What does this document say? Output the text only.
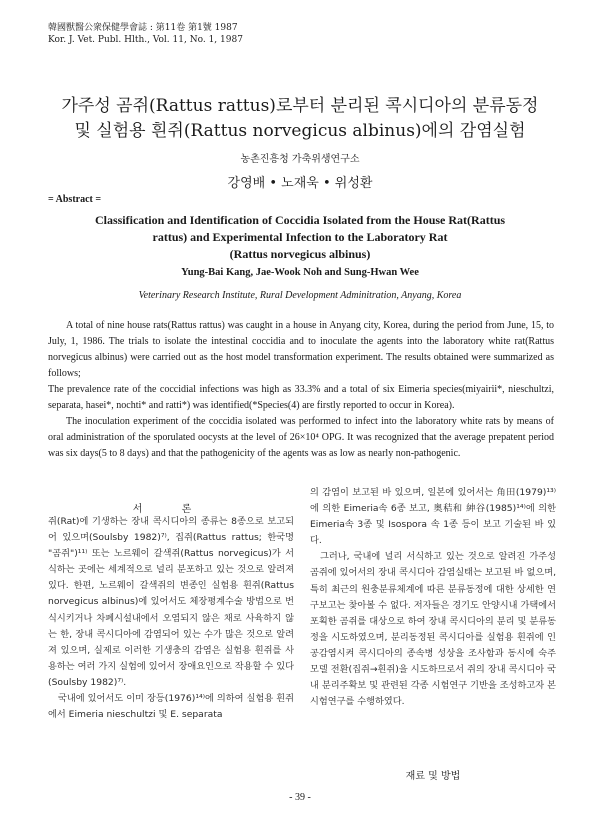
韓國獸醫公衆保健學會誌 : 第11卷 第1號 1987
Kor. J. Vet. Publ. Hlth., Vol. 11, No. 1, 1987
가주성 곰쥐(Rattus rattus)로부터 분리된 콕시디아의 분류동정
및 실험용 흰쥐(Rattus norvegicus albinus)에의 감염실험
농촌진흥청 가축위생연구소
강영배 • 노재욱 • 위성환
= Abstract =
Classification and Identification of Coccidia Isolated from the House Rat(Rattus
rattus) and Experimental Infection to the Laboratory Rat
(Rattus norvegicus albinus)
Yung-Bai Kang, Jae-Wook Noh and Sung-Hwan Wee
Veterinary Research Institute, Rural Development Adminitration, Anyang, Korea

A total of nine house rats(Rattus rattus) was caught in a house in Anyang city, Korea, during the period from June, 15, to July, 1, 1986. The trials to isolate the intestinal coccidia and to inoculate the agents into the laboratory white rat(Rattus norvegicus albinus) were carried out as the host model transformation experiment. The results obtained were summarized as follows;

The prevalence rate of the coccidial infections was high as 33.3% and a total of six Eimeria species(miyairii*, nieschultzi, separata, hasei*, nochti* and ratti*) was identified(*Species(4) are firstly reported to occur in Korea).

The inoculation experiment of the coccidia isolated was performed to infect into the laboratory white rats by means of oral administration of the sporulated oocysts at the level of 26×10⁴ OPG. It was recognized that the average prepatent period was six days(5 to 8 days) and that the pathogenicity of the agents was as low as nearly non-pathogenic.

서 론

쥐(Rat)에 기생하는 장내 콕시디아의 종류는 8종으로 보고되어 있으며(Soulsby 1982)⁷⁾, 집쥐(Rattus rattus; 한국명 "곰쥐")¹¹⁾ 또는 노르웨이 갈색쥐(Rattus norvegicus)가 서식하는 곳에는 세계적으로 널리 분포하고 있는 것으로 알려져 있다. 한편, 노르웨이 갈색쥐의 변종인 실험용 흰쥐(Rattus norvegicus albinus)에 있어서도 체장평계수술 방법으로 번식시키거나 차폐시설내에서 오염되지 않은 채로 사육하지 않는 한, 장내 콕시디아에 감염되어 있는 수가 많은 것으로 알려져 있으며, 실제로 이러한 기생충의 감염은 실험용 흰쥐를 사용하는 여러 가지 실험에 있어서 장애요인으로 작용할 수 있다(Soulsby 1982)⁷⁾.

국내에 있어서도 이미 장등(1976)¹⁴⁾에 의하여 실험용 흰쥐에서 Eimeria nieschultzi 및 E. separata

의 감염이 보고된 바 있으며, 일본에 있어서는 角田(1979)¹³⁾에 의한 Eimeria속 6종 보고, 奥秸和 紳谷(1985)¹⁴⁾에 의한 Eimeria속 3종 및 Isospora 속 1종 등이 보고 기술된 바 있다.

그러나, 국내에 널리 서식하고 있는 것으로 알려진 가주성 곰쥐에 있어서의 장내 콕시디아 감염실태는 보고된 바 없으며, 특히 최근의 원충분류체계에 따른 분류동정에 대한 상세한 연구보고는 찾아볼 수 없다. 저자들은 경기도 안양시내 가택에서 포획한 곰쥐를 대상으로 하여 장내 콕시디아의 분리 및 분류동정을 시도하였으며, 분리동정된 콕시디아를 실험용 흰쥐에 인공감염시켜 콕시디아의 종속병 성상을 조사함과 동시에 숙주모델 전환(집쥐→흰쥐)을 시도하므로서 쥐의 장내 콕시디아 국내 분리주확보 및 관련된 각종 시험연구 기반을 조성하고자 본 시험연구를 수행하였다.

재료 및 방법
- 39 -
